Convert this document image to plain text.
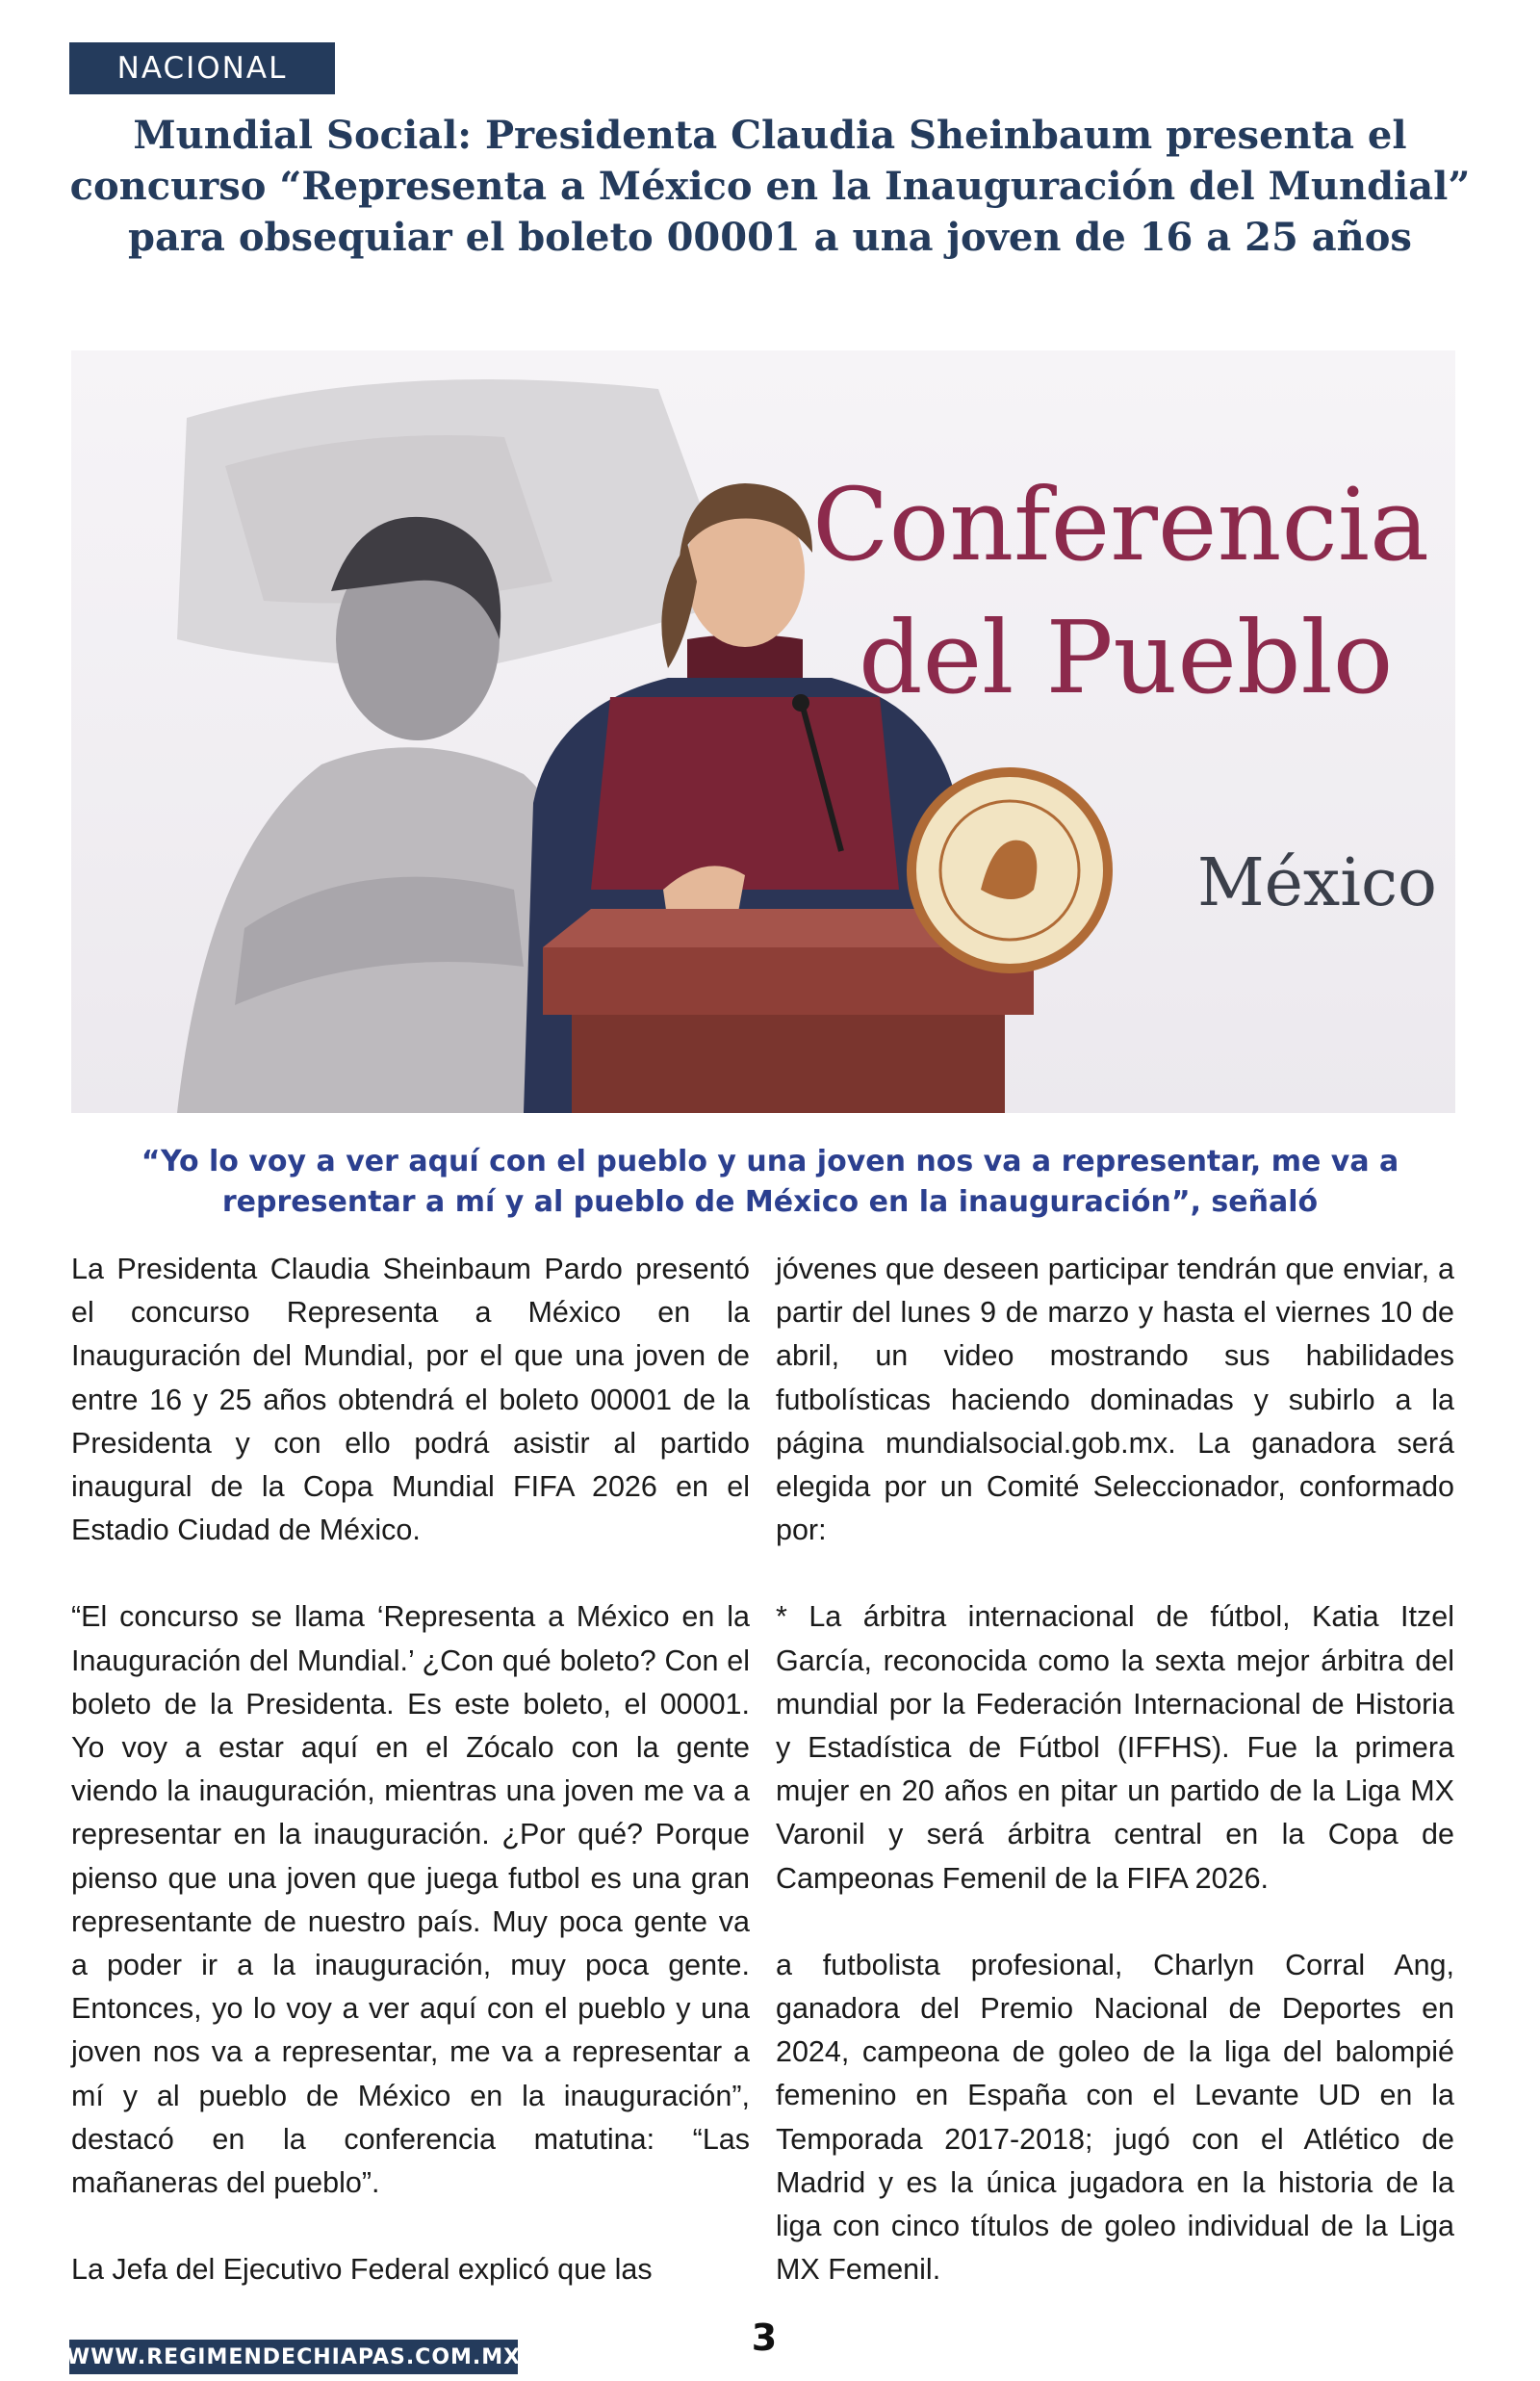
NACIONAL
Mundial Social: Presidenta Claudia Sheinbaum presenta el concurso “Representa a México en la Inauguración del Mundial” para obsequiar el boleto 00001 a una joven de 16 a 25 años
Conferencia
del Pueblo
México

“Yo lo voy a ver aquí con el pueblo y una joven nos va a representar, me va a representar a mí y al pueblo de México en la inauguración”, señaló

La Presidenta Claudia Sheinbaum Pardo presentó el concurso Representa a México en la Inauguración del Mundial, por el que una joven de entre 16 y 25 años obtendrá el boleto 00001 de la Presidenta y con ello podrá asistir al partido inaugural de la Copa Mundial FIFA 2026 en el Estadio Ciudad de México.

“El concurso se llama ‘Representa a México en la Inauguración del Mundial.’ ¿Con qué boleto? Con el boleto de la Presidenta. Es este boleto, el 00001. Yo voy a estar aquí en el Zócalo con la gente viendo la inauguración, mientras una joven me va a representar en la inauguración. ¿Por qué? Porque pienso que una joven que juega futbol es una gran representante de nuestro país. Muy poca gente va a poder ir a la inauguración, muy poca gente. Entonces, yo lo voy a ver aquí con el pueblo y una joven nos va a representar, me va a representar a mí y al pueblo de México en la inauguración”, destacó en la conferencia matutina: “Las mañaneras del pueblo”.

La Jefa del Ejecutivo Federal explicó que las

jóvenes que deseen participar tendrán que enviar, a partir del lunes 9 de marzo y hasta el viernes 10 de abril, un video mostrando sus habilidades futbolísticas haciendo dominadas y subirlo a la página mundialsocial.gob.mx. La ganadora será elegida por un Comité Seleccionador, conformado por:

* La árbitra internacional de fútbol, Katia Itzel García, reconocida como la sexta mejor árbitra del mundial por la Federación Internacional de Historia y Estadística de Fútbol (IFFHS). Fue la primera mujer en 20 años en pitar un partido de la Liga MX Varonil y será árbitra central en la Copa de Campeonas Femenil de la FIFA 2026.

a futbolista profesional, Charlyn Corral Ang, ganadora del Premio Nacional de Deportes en 2024, campeona de goleo de la liga del balompié femenino en España con el Levante UD en la Temporada 2017-2018; jugó con el Atlético de Madrid y es la única jugadora en la historia de la liga con cinco títulos de goleo individual de la Liga MX Femenil.

3
WWW.REGIMENDECHIAPAS.COM.MX
